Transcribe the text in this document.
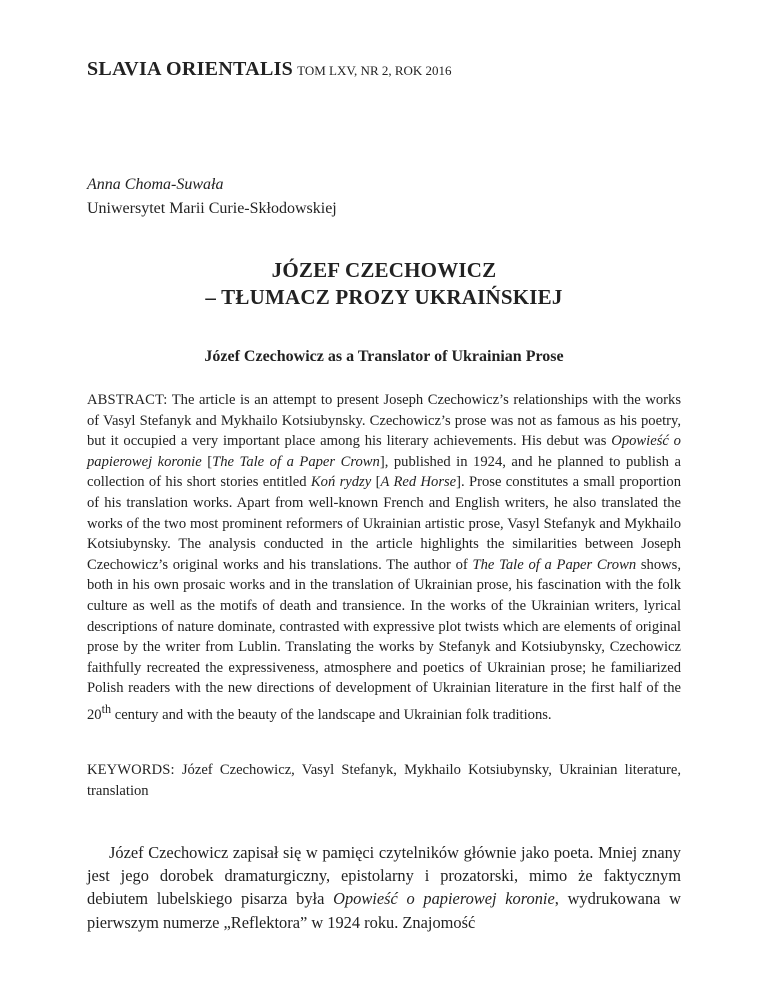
SLAVIA ORIENTALIS TOM LXV, NR 2, ROK 2016
Anna Choma-Suwała
Uniwersytet Marii Curie-Skłodowskiej
JÓZEF CZECHOWICZ
– TŁUMACZ PROZY UKRAIŃSKIEJ
Józef Czechowicz as a Translator of Ukrainian Prose

ABSTRACT: The article is an attempt to present Joseph Czechowicz’s relationships with the works of Vasyl Stefanyk and Mykhailo Kotsiubynsky. Czechowicz’s prose was not as famous as his poetry, but it occupied a very important place among his literary achievements. His debut was Opowieść o papierowej koronie [The Tale of a Paper Crown], published in 1924, and he planned to publish a collection of his short stories entitled Koń rydzy [A Red Horse]. Prose constitutes a small proportion of his translation works. Apart from well-known French and English writers, he also translated the works of the two most prominent reformers of Ukrainian artistic prose, Vasyl Stefanyk and Mykhailo Kotsiubynsky. The analysis conducted in the article highlights the similarities between Joseph Czechowicz’s original works and his translations. The author of The Tale of a Paper Crown shows, both in his own prosaic works and in the translation of Ukrainian prose, his fascination with the folk culture as well as the motifs of death and transience. In the works of the Ukrainian writers, lyrical descriptions of nature dominate, contrasted with expressive plot twists which are elements of original prose by the writer from Lublin. Translating the works by Stefanyk and Kotsiubynsky, Czechowicz faithfully recreated the expressiveness, atmosphere and poetics of Ukrainian prose; he familiarized Polish readers with the new directions of development of Ukrainian literature in the first half of the 20th century and with the beauty of the landscape and Ukrainian folk traditions.

KEYWORDS: Józef Czechowicz, Vasyl Stefanyk, Mykhailo Kotsiubynsky, Ukrainian literature, translation

Józef Czechowicz zapisał się w pamięci czytelników głównie jako poeta. Mniej znany jest jego dorobek dramaturgiczny, epistolarny i prozatorski, mimo że faktycznym debiutem lubelskiego pisarza była Opowieść o papierowej koronie, wydrukowana w pierwszym numerze „Reflektora” w 1924 roku. Znajomość
